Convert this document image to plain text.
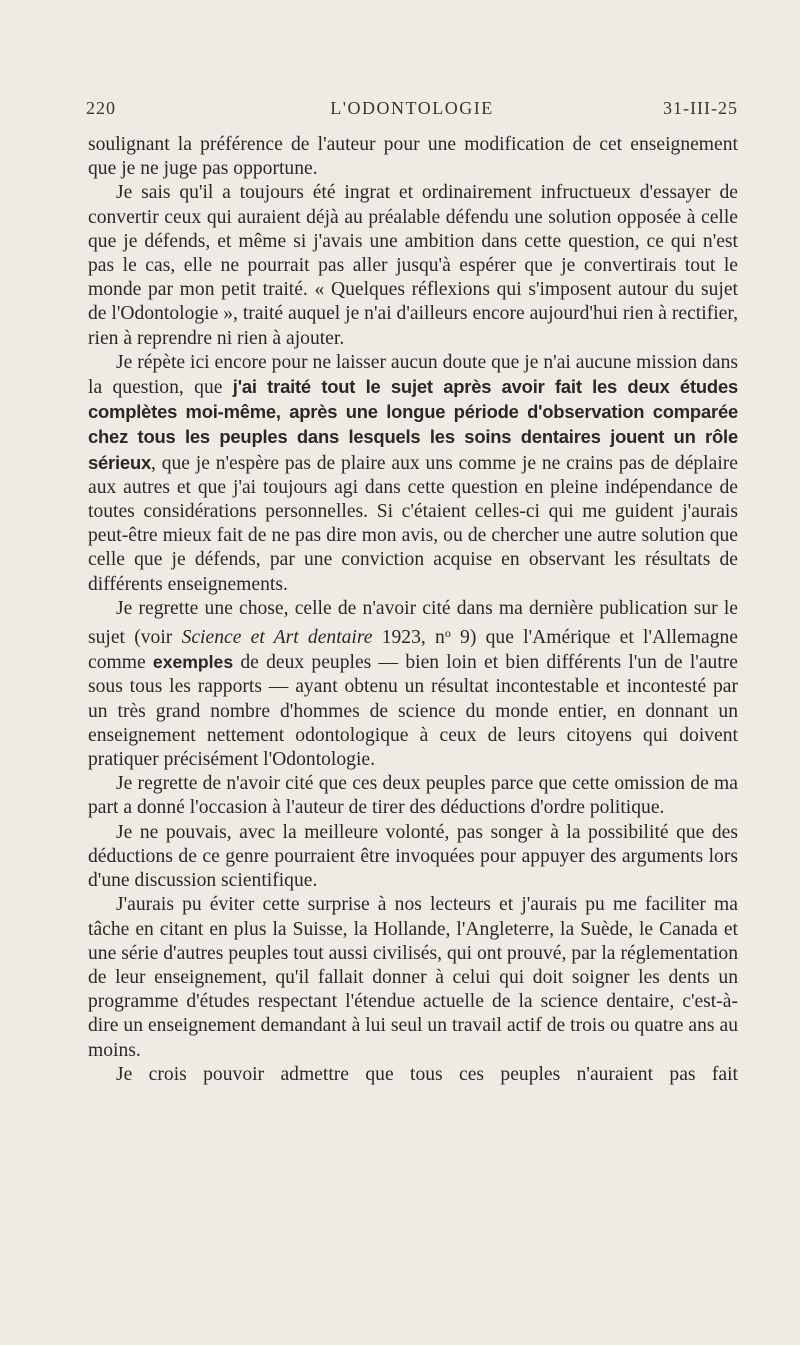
220	L'ODONTOLOGIE	31-III-25

soulignant la préférence de l'auteur pour une modification de cet enseignement que je ne juge pas opportune.

Je sais qu'il a toujours été ingrat et ordinairement infructueux d'essayer de convertir ceux qui auraient déjà au préalable défendu une solution opposée à celle que je défends, et même si j'avais une ambition dans cette question, ce qui n'est pas le cas, elle ne pourrait pas aller jusqu'à espérer que je convertirais tout le monde par mon petit traité. « Quelques réflexions qui s'imposent autour du sujet de l'Odontologie », traité auquel je n'ai d'ailleurs encore aujourd'hui rien à rectifier, rien à reprendre ni rien à ajouter.

Je répète ici encore pour ne laisser aucun doute que je n'ai aucune mission dans la question, que j'ai traité tout le sujet après avoir fait les deux études complètes moi-même, après une longue période d'observation comparée chez tous les peuples dans lesquels les soins dentaires jouent un rôle sérieux, que je n'espère pas de plaire aux uns comme je ne crains pas de déplaire aux autres et que j'ai toujours agi dans cette question en pleine indépendance de toutes considérations personnelles. Si c'étaient celles-ci qui me guident j'aurais peut-être mieux fait de ne pas dire mon avis, ou de chercher une autre solution que celle que je défends, par une conviction acquise en observant les résultats de différents enseignements.

Je regrette une chose, celle de n'avoir cité dans ma dernière publication sur le sujet (voir Science et Art dentaire 1923, $n^o$ 9) que l'Amérique et l'Allemagne comme exemples de deux peuples — bien loin et bien différents l'un de l'autre sous tous les rapports — ayant obtenu un résultat incontestable et incontesté par un très grand nombre d'hommes de science du monde entier, en donnant un enseignement nettement odontologique à ceux de leurs citoyens qui doivent pratiquer précisément l'Odontologie.

Je regrette de n'avoir cité que ces deux peuples parce que cette omission de ma part a donné l'occasion à l'auteur de tirer des déductions d'ordre politique.

Je ne pouvais, avec la meilleure volonté, pas songer à la possibilité que des déductions de ce genre pourraient être invoquées pour appuyer des arguments lors d'une discussion scientifique.

J'aurais pu éviter cette surprise à nos lecteurs et j'aurais pu me faciliter ma tâche en citant en plus la Suisse, la Hollande, l'Angleterre, la Suède, le Canada et une série d'autres peuples tout aussi civilisés, qui ont prouvé, par la réglementation de leur enseignement, qu'il fallait donner à celui qui doit soigner les dents un programme d'études respectant l'étendue actuelle de la science dentaire, c'est-à-dire un enseignement demandant à lui seul un travail actif de trois ou quatre ans au moins.

Je crois pouvoir admettre que tous ces peuples n'auraient pas fait
